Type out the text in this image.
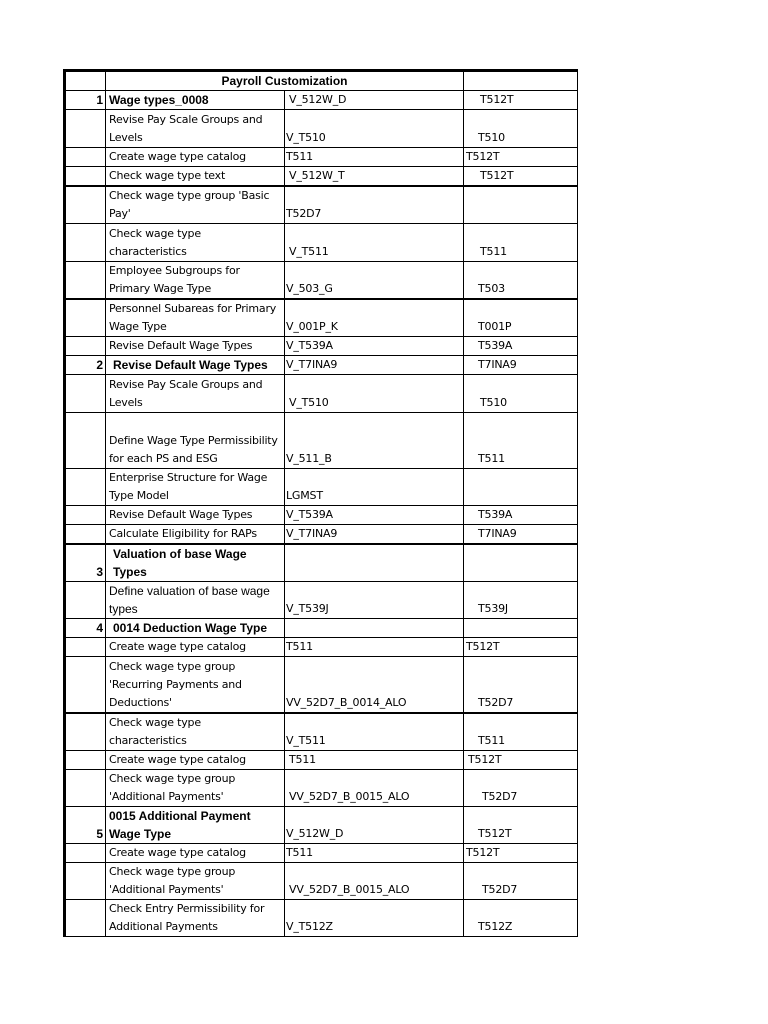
	Payroll Customization		
1	Wage types_0008	V_512W_D	T512T
	Revise Pay Scale Groups and Levels	V_T510	T510
	Create wage type catalog	T511	T512T
	Check wage type text	V_512W_T	T512T
	Check wage type group 'Basic Pay'	T52D7	
	Check wage type characteristics	V_T511	T511
	Employee Subgroups for Primary Wage Type	V_503_G	T503
	Personnel Subareas for Primary Wage Type	V_001P_K	T001P
	Revise Default Wage Types	V_T539A	T539A
2	Revise Default Wage Types	V_T7INA9	T7INA9
	Revise Pay Scale Groups and Levels	V_T510	T510
	Define Wage Type Permissibility for each PS and ESG	V_511_B	T511
	Enterprise Structure for Wage Type Model	LGMST	
	Revise Default Wage Types	V_T539A	T539A
	Calculate Eligibility for RAPs	V_T7INA9	T7INA9
3	Valuation of base Wage Types		
	Define valuation of base wage types	V_T539J	T539J
4	0014 Deduction Wage Type		
	Create wage type catalog	T511	T512T
	Check wage type group 'Recurring Payments and Deductions'	VV_52D7_B_0014_ALO	T52D7
	Check wage type characteristics	V_T511	T511
	Create wage type catalog	T511	T512T
	Check wage type group 'Additional Payments'	VV_52D7_B_0015_ALO	T52D7
5	0015 Additional Payment Wage Type	V_512W_D	T512T
	Create wage type catalog	T511	T512T
	Check wage type group 'Additional Payments'	VV_52D7_B_0015_ALO	T52D7
	Check Entry Permissibility for Additional Payments	V_T512Z	T512Z
